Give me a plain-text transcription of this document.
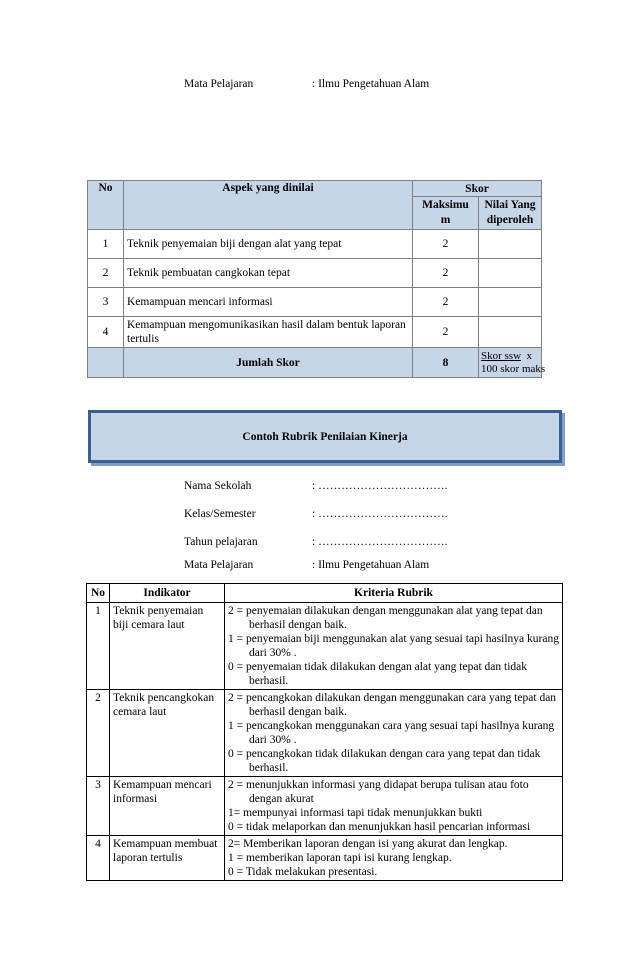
Mata Pelajaran	: Ilmu Pengetahuan Alam
No	Aspek yang dinilai	Skor	
		Maksimum	Nilai Yang diperoleh
1	Teknik penyemaian biji dengan alat yang tepat	2	
2	Teknik pembuatan cangkokan tepat	2	
3	Kemampuan mencari informasi	2	
4	Kemampuan mengomunikasikan hasil dalam bentuk laporan tertulis	2	
	Jumlah Skor	8	Skor ssw x
100 skor maks
Contoh Rubrik Penilaian Kinerja
Nama Sekolah	: …………………………….
Kelas/Semester	: …………………………….
Tahun pelajaran	: …………………………….
Mata Pelajaran	: Ilmu Pengetahuan Alam
No	Indikator	Kriteria Rubrik
1	Teknik penyemaian biji cemara laut	2 = penyemaian dilakukan dengan menggunakan alat yang tepat dan berhasil dengan baik.
1 = penyemaian biji menggunakan alat yang sesuai tapi hasilnya kurang dari 30% .
0 = penyemaian tidak dilakukan dengan alat yang tepat dan tidak berhasil.

2	Teknik pencangkokan cemara laut	2 = pencangkokan dilakukan dengan menggunakan cara yang tepat dan berhasil dengan baik.
1 = pencangkokan menggunakan cara yang sesuai tapi hasilnya kurang dari 30% .
0 = pencangkokan tidak dilakukan dengan cara yang tepat dan tidak berhasil.

3	Kemampuan mencari informasi	2 = menunjukkan informasi yang didapat berupa tulisan atau foto dengan akurat
1= mempunyai informasi tapi tidak menunjukkan bukti
0 = tidak melaporkan dan menunjukkan hasil pencarian informasi

4	Kemampuan membuat laporan tertulis	2= Memberikan laporan dengan isi yang akurat dan lengkap.
1 = memberikan laporan tapi isi kurang lengkap.
0 = Tidak melakukan presentasi.
